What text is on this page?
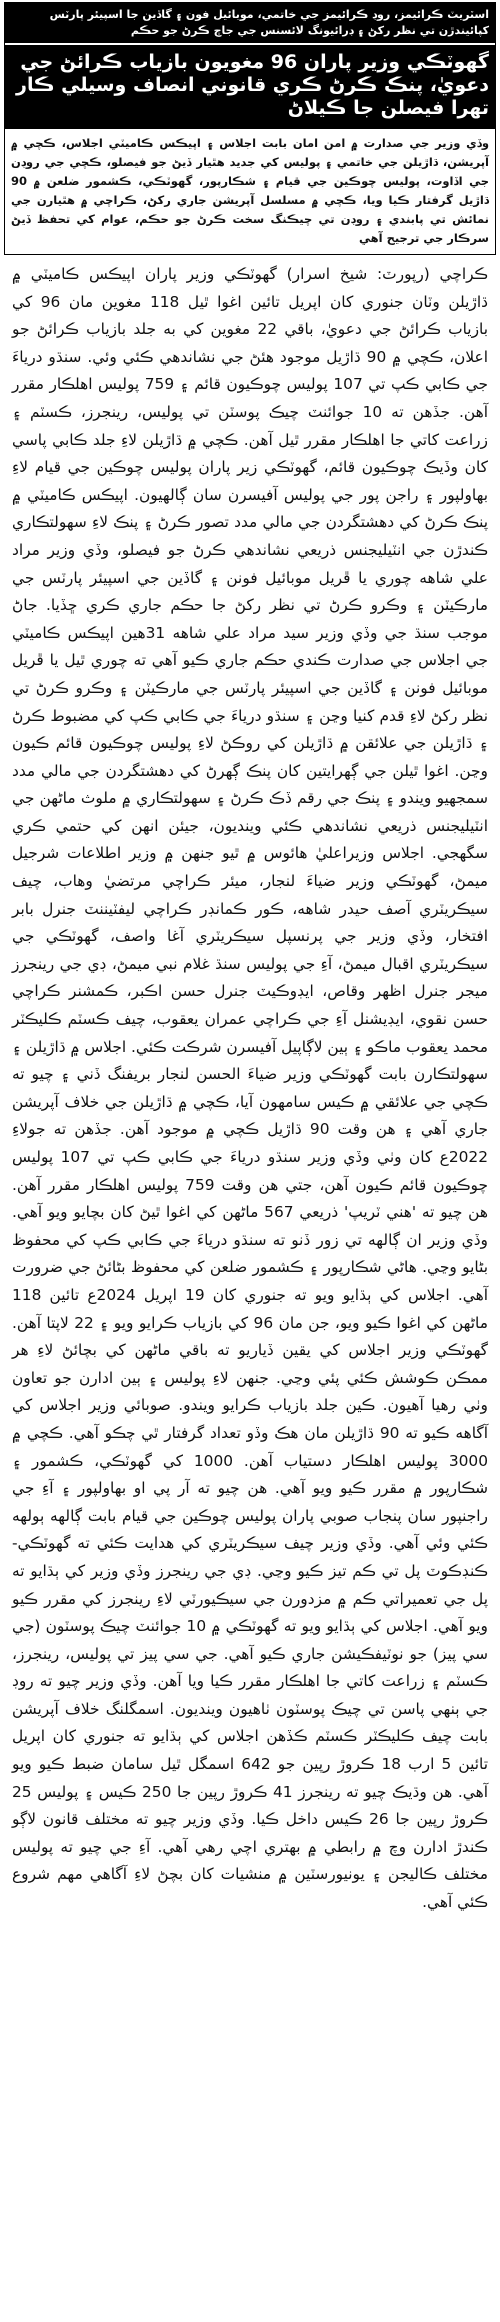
اسٽريٽ ڪرائيمز، روڊ ڪرائيمز جي خاتمي، موبائيل فون ۽ گاڏين جا اسپيئر پارٽس کپائيندڙن تي نظر رکڻ ۽ ڊرائيونگ لائسنس جي جاچ ڪرڻ جو حڪم
گهوٽڪي وزير پاران 96 مغويون بازياب ڪرائڻ جي دعويٰ، پنڪ ڪرڻ ڪري قانوني انصاف وسيلي ڪار تهرا فيصلن جا ڪيلاڻ
وڏي وزير جي صدارت ۾ امن امان بابت اجلاس ۽ اپيڪس ڪاميٽي اجلاس، ڪچي ۾ آپريشن، ڌاڙيلن جي خاتمي ۽ پوليس کي جديد هٿيار ڏيڻ جو فيصلو، ڪچي جي روڊن جي اڏاوت، پوليس چوڪين جي قيام ۽ شڪارپور، گهوٽڪي، ڪشمور ضلعن ۾ 90 ڌاڙيل گرفتار ڪيا ويا، ڪچي ۾ مسلسل آپريشن جاري رکڻ، ڪراچي ۾ هٿيارن جي نمائش تي پابندي ۽ روڊن تي چيڪنگ سخت ڪرڻ جو حڪم، عوام کي تحفظ ڏيڻ سرڪار جي ترجيح آهي

ڪراچي (رپورٽ: شيخ اسرار) گهوٽڪي وزير پاران اپيڪس ڪاميٽي ۾ ڌاڙيلن وٽان جنوري کان اپريل تائين اغوا ٿيل 118 مغوين مان 96 کي بازياب ڪرائڻ جي دعويٰ، باقي 22 مغوين کي به جلد بازياب ڪرائڻ جو اعلان، ڪچي ۾ 90 ڌاڙيل موجود هئڻ جي نشاندهي ڪئي وئي. سنڌو درياءَ جي ڪابي ڪپ تي 107 پوليس چوڪيون قائم ۽ 759 پوليس اهلڪار مقرر آهن. جڏهن ته 10 جوائنٽ چيڪ پوسٽن تي پوليس، رينجرز، ڪسٽم ۽ زراعت کاتي جا اهلڪار مقرر ٿيل آهن. ڪچي ۾ ڌاڙيلن لاءِ جلد ڪابي پاسي کان وڏيڪ چوڪيون قائم، گهوٽڪي زير پاران پوليس چوڪين جي قيام لاءِ بهاولپور ۽ راجن پور جي پوليس آفيسرن سان ڳالهيون. اپيڪس ڪاميٽي ۾ پنڪ ڪرڻ کي دهشتگردن جي مالي مدد تصور ڪرڻ ۽ پنڪ لاءِ سهولتڪاري ڪندڙن جي انٽيليجنس ذريعي نشاندهي ڪرڻ جو فيصلو، وڏي وزير مراد علي شاهه چوري يا ڦريل موبائيل فونن ۽ گاڏين جي اسپيئر پارٽس جي مارڪيٽن ۽ وڪرو ڪرڻ تي نظر رکڻ جا حڪم جاري ڪري ڇڏيا. جاڻ موجب سنڌ جي وڏي وزير سيد مراد علي شاهه 31هين اپيڪس ڪاميٽي جي اجلاس جي صدارت ڪندي حڪم جاري ڪيو آهي ته چوري ٿيل يا ڦريل موبائيل فونن ۽ گاڏين جي اسپيئر پارٽس جي مارڪيٽن ۽ وڪرو ڪرڻ تي نظر رکڻ لاءِ قدم کنيا وڃن ۽ سنڌو درياءَ جي ڪابي ڪپ کي مضبوط ڪرڻ ۽ ڌاڙيلن جي علائقن ۾ ڌاڙيلن کي روڪڻ لاءِ پوليس چوڪيون قائم ڪيون وڃن. اغوا ٿيلن جي ڳهرايتين کان پنڪ ڳهرڻ کي دهشتگردن جي مالي مدد سمجهيو ويندو ۽ پنڪ جي رقم ڏڪ ڪرڻ ۽ سهولتڪاري ۾ ملوث ماڻهن جي انٽيليجنس ذريعي نشاندهي ڪئي وينديون، جيئن انهن کي حتمي ڪري سگهجي. اجلاس وزيراعليٰ هائوس ۾ ٿيو جنهن ۾ وزير اطلاعات شرجيل ميمڻ، گهوٽڪي وزير ضياءَ لنجار، ميئر ڪراچي مرتضيٰ وهاب، چيف سيڪريٽري آصف حيدر شاهه، ڪور ڪمانڊر ڪراچي ليفٽيننٽ جنرل بابر افتخار، وڏي وزير جي پرنسپل سيڪريٽري آغا واصف، گهوٽڪي جي سيڪريٽري اقبال ميمڻ، آءِ جي پوليس سنڌ غلام نبي ميمڻ، ڊي جي رينجرز ميجر جنرل اظهر وقاص، ايڊوڪيٽ جنرل حسن اڪبر، ڪمشنر ڪراچي حسن نقوي، ايڊيشنل آءِ جي ڪراچي عمران يعقوب، چيف ڪسٽم ڪليڪٽر محمد يعقوب ماڪو ۽ ٻين لاڳاپيل آفيسرن شرڪت ڪئي. اجلاس ۾ ڌاڙيلن ۽ سهولتڪارن بابت گهوٽڪي وزير ضياءَ الحسن لنجار بريفنگ ڏني ۽ چيو ته ڪچي جي علائقي ۾ ڪيس سامهون آيا، ڪچي ۾ ڌاڙيلن جي خلاف آپريشن جاري آهي ۽ هن وقت 90 ڌاڙيل ڪچي ۾ موجود آهن. جڏهن ته جولاءِ 2022ع کان وٺي وڏي وزير سنڌو درياءَ جي ڪابي ڪپ تي 107 پوليس چوڪيون قائم ڪيون آهن، جتي هن وقت 759 پوليس اهلڪار مقرر آهن. هن چيو ته 'هني ٽريپ' ذريعي 567 ماڻهن کي اغوا ٿيڻ کان بچايو ويو آهي. وڏي وزير ان ڳالهه تي زور ڏنو ته سنڌو درياءَ جي ڪابي ڪپ کي محفوظ بڻايو وڃي. هاڻي شڪارپور ۽ ڪشمور ضلعن کي محفوظ بڻائڻ جي ضرورت آهي. اجلاس کي ٻڌايو ويو ته جنوري کان 19 اپريل 2024ع تائين 118 ماڻهن کي اغوا ڪيو ويو، جن مان 96 کي بازياب ڪرايو ويو ۽ 22 لاپتا آهن. گهوٽڪي وزير اجلاس کي يقين ڏياريو ته باقي ماڻهن کي بچائڻ لاءِ هر ممڪن ڪوشش ڪئي پئي وڃي. جنهن لاءِ پوليس ۽ ٻين ادارن جو تعاون وٺي رهيا آهيون. ڪين جلد بازياب ڪرايو ويندو. صوبائي وزير اجلاس کي آگاهه ڪيو ته 90 ڌاڙيلن مان هڪ وڏو تعداد گرفتار ٿي چڪو آهي. ڪچي ۾ 3000 پوليس اهلڪار دستياب آهن. 1000 کي گهوٽڪي، ڪشمور ۽ شڪارپور ۾ مقرر ڪيو ويو آهي. هن چيو ته آر پي او بهاولپور ۽ آءِ جي راجنپور سان پنجاب صوبي پاران پوليس چوڪين جي قيام بابت ڳالهه ٻولهه ڪئي وئي آهي. وڏي وزير چيف سيڪريٽري کي هدايت ڪئي ته گهوٽڪي- ڪنڊڪوٽ پل تي ڪم تيز ڪيو وڃي. ڊي جي رينجرز وڏي وزير کي ٻڌايو ته پل جي تعميراتي ڪم ۾ مزدورن جي سيڪيورٽي لاءِ رينجرز کي مقرر ڪيو ويو آهي. اجلاس کي ٻڌايو ويو ته گهوٽڪي ۾ 10 جوائنٽ چيڪ پوسٽون (جي سي پيز) جو نوٽيفڪيشن جاري ڪيو آهي. جي سي پيز تي پوليس، رينجرز، ڪسٽم ۽ زراعت کاتي جا اهلڪار مقرر ڪيا ويا آهن. وڏي وزير چيو ته روڊ جي ٻنهي پاسن تي چيڪ پوسٽون ٺاهيون وينديون. اسمگلنگ خلاف آپريشن بابت چيف ڪليڪٽر ڪسٽم ڪڏهن اجلاس کي ٻڌايو ته جنوري کان اپريل تائين 5 ارب 18 ڪروڙ رپين جو 642 اسمگل ٿيل سامان ضبط ڪيو ويو آهي. هن وڌيڪ چيو ته رينجرز 41 ڪروڙ رپين جا 250 ڪيس ۽ پوليس 25 ڪروڙ رپين جا 26 ڪيس داخل ڪيا. وڏي وزير چيو ته مختلف قانون لاڳو ڪندڙ ادارن وچ ۾ رابطي ۾ بهتري اچي رهي آهي. آءِ جي چيو ته پوليس مختلف ڪاليجن ۽ يونيورسٽين ۾ منشيات کان بچڻ لاءِ آگاهي مهم شروع ڪئي آهي.
